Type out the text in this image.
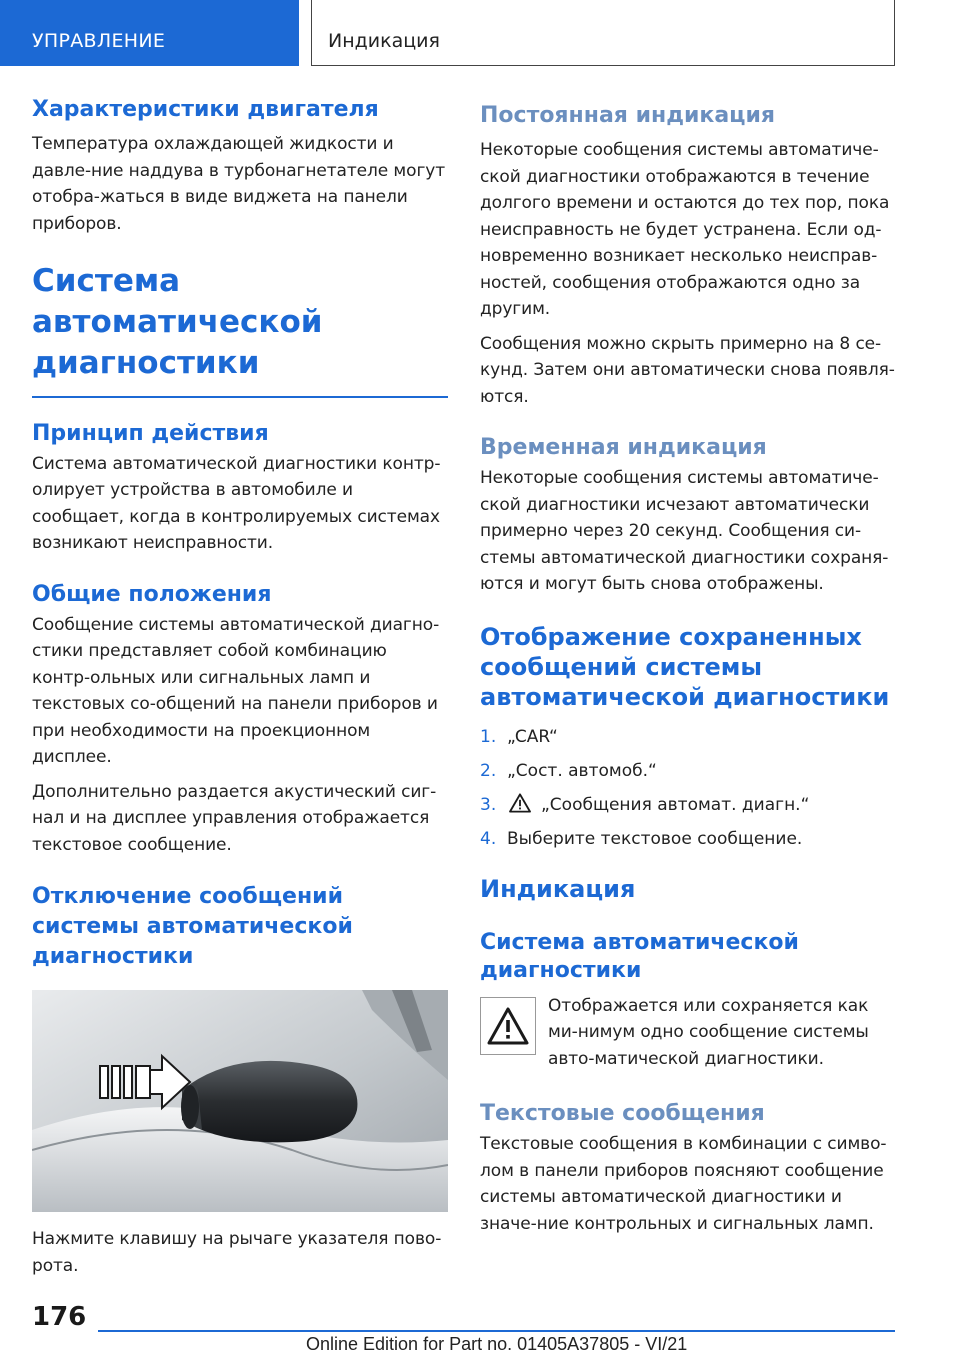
УПРАВЛЕНИЕ	Индикация
Характеристики двигателя

Температура охлаждающей жидкости и давле-ние наддува в турбонагнетателе могут отобра-жаться в виде виджета на панели приборов.

Система автоматической диагностики
Принцип действия

Система автоматической диагностики контр-олирует устройства в автомобиле и сообщает, когда в контролируемых системах возникают неисправности.

Общие положения

Сообщение системы автоматической диагно-стики представляет собой комбинацию контр-ольных или сигнальных ламп и текстовых со-общений на панели приборов и при необходимости на проекционном дисплее.

Дополнительно раздается акустический сиг-нал и на дисплее управления отображается текстовое сообщение.

Отключение сообщений системы автоматической диагностики

Нажмите клавишу на рычаге указателя пово-рота.

Постоянная индикация

Некоторые сообщения системы автоматиче-ской диагностики отображаются в течение долгого времени и остаются до тех пор, пока неисправность не будет устранена. Если од-новременно возникает несколько неисправ-ностей, сообщения отображаются одно за другим.

Сообщения можно скрыть примерно на 8 се-кунд. Затем они автоматически снова появля-ются.

Временная индикация

Некоторые сообщения системы автоматиче-ской диагностики исчезают автоматически примерно через 20 секунд. Сообщения си-стемы автоматической диагностики сохраня-ются и могут быть снова отображены.

Отображение сохраненных сообщений системы автоматической диагностики
1. „CAR“
2. „Сост. автомоб.“
3.	„Сообщения автомат. диагн.“
4. Выберите текстовое сообщение.
Индикация
Система автоматической диагностики

Отображается или сохраняется как ми-нимум одно сообщение системы авто-матической диагностики.

Текстовые сообщения

Текстовые сообщения в комбинации с симво-лом в панели приборов поясняют сообщение системы автоматической диагностики и значе-ние контрольных и сигнальных ламп.

176
Online Edition for Part no. 01405A37805 - VI/21
